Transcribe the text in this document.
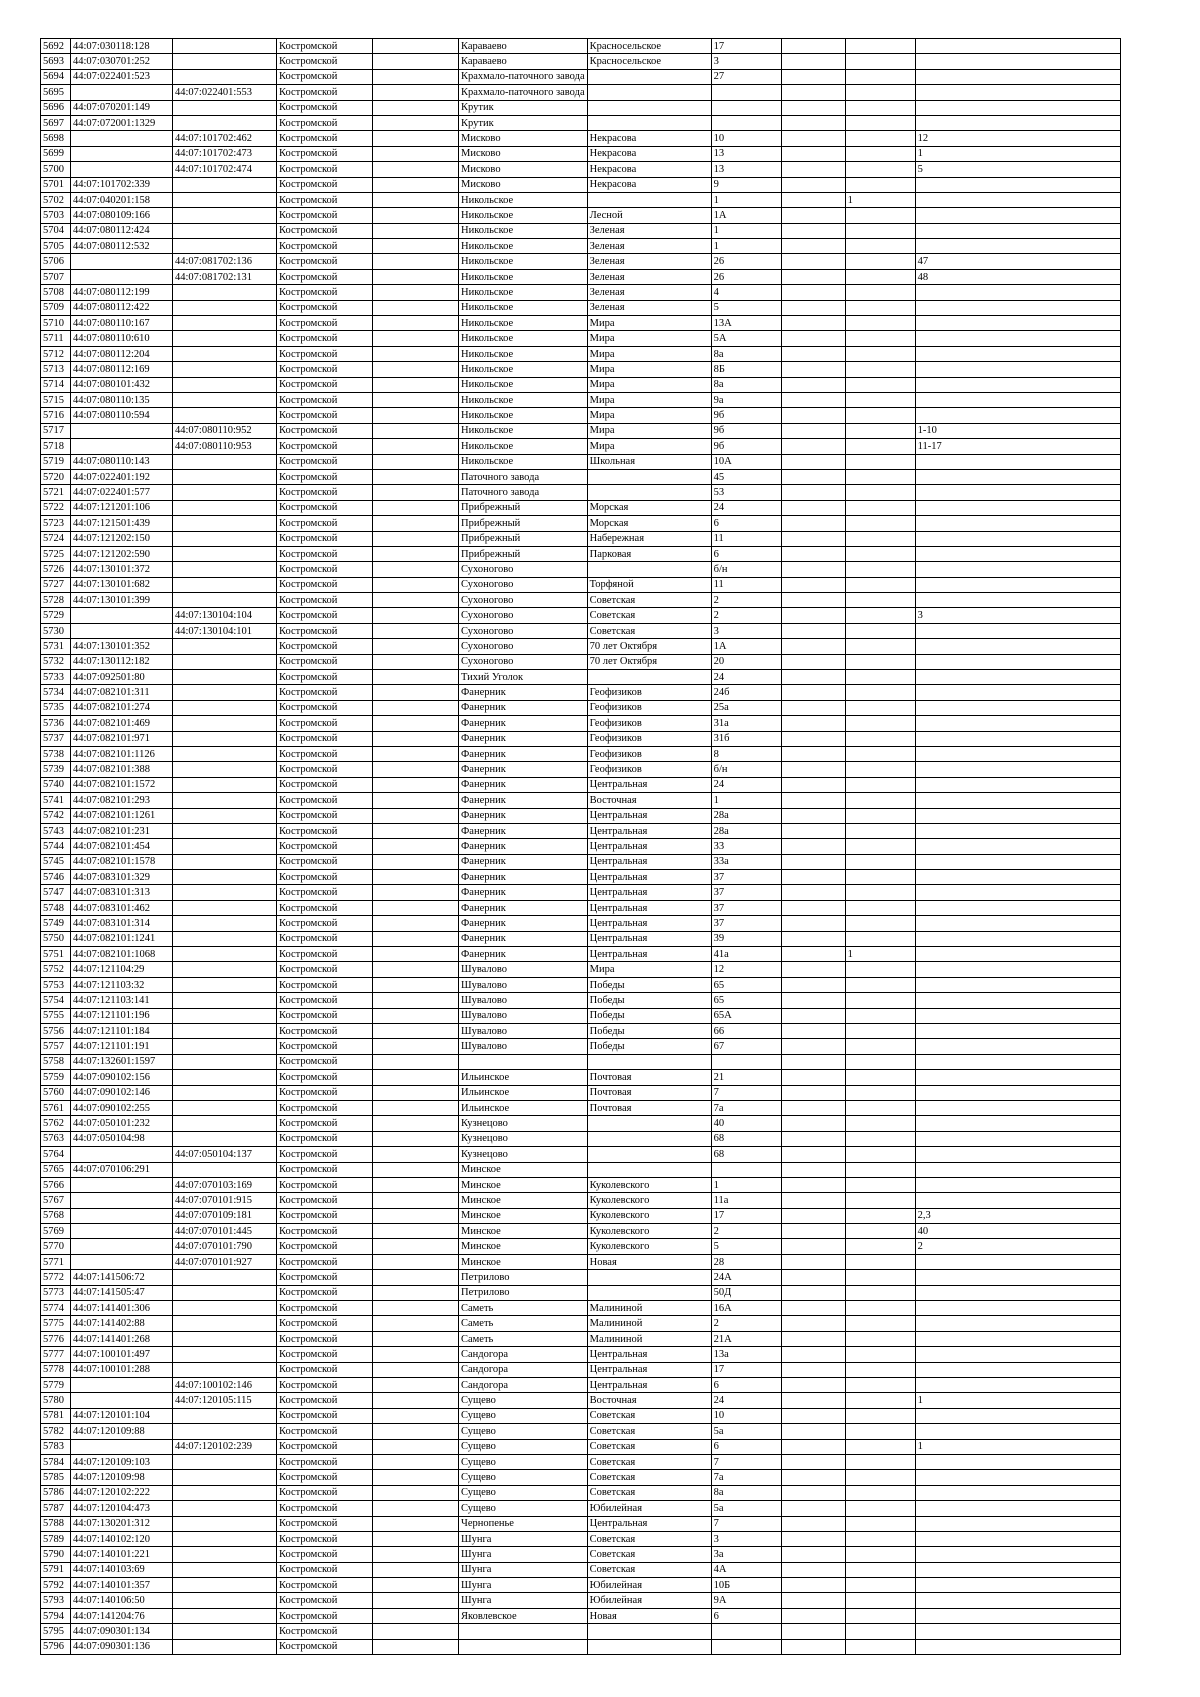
5692	44:07:030118:128		Костромской		Караваево	Красносельское	17			
5693	44:07:030701:252		Костромской		Караваево	Красносельское	3			
5694	44:07:022401:523		Костромской		Крахмало-паточного завода		27			
5695		44:07:022401:553	Костромской		Крахмало-паточного завода					
5696	44:07:070201:149		Костромской		Крутик					
5697	44:07:072001:1329		Костромской		Крутик					
5698		44:07:101702:462	Костромской		Мисково	Некрасова	10			12
5699		44:07:101702:473	Костромской		Мисково	Некрасова	13			1
5700		44:07:101702:474	Костромской		Мисково	Некрасова	13			5
5701	44:07:101702:339		Костромской		Мисково	Некрасова	9			
5702	44:07:040201:158		Костромской		Никольское		1		1	
5703	44:07:080109:166		Костромской		Никольское	Лесной	1А			
5704	44:07:080112:424		Костромской		Никольское	Зеленая	1			
5705	44:07:080112:532		Костромской		Никольское	Зеленая	1			
5706		44:07:081702:136	Костромской		Никольское	Зеленая	26			47
5707		44:07:081702:131	Костромской		Никольское	Зеленая	26			48
5708	44:07:080112:199		Костромской		Никольское	Зеленая	4			
5709	44:07:080112:422		Костромской		Никольское	Зеленая	5			
5710	44:07:080110:167		Костромской		Никольское	Мира	13А			
5711	44:07:080110:610		Костромской		Никольское	Мира	5А			
5712	44:07:080112:204		Костромской		Никольское	Мира	8а			
5713	44:07:080112:169		Костромской		Никольское	Мира	8Б			
5714	44:07:080101:432		Костромской		Никольское	Мира	8а			
5715	44:07:080110:135		Костромской		Никольское	Мира	9а			
5716	44:07:080110:594		Костромской		Никольское	Мира	9б			
5717		44:07:080110:952	Костромской		Никольское	Мира	9б			1-10
5718		44:07:080110:953	Костромской		Никольское	Мира	9б			11-17
5719	44:07:080110:143		Костромской		Никольское	Школьная	10А			
5720	44:07:022401:192		Костромской		Паточного завода		45			
5721	44:07:022401:577		Костромской		Паточного завода		53			
5722	44:07:121201:106		Костромской		Прибрежный	Морская	24			
5723	44:07:121501:439		Костромской		Прибрежный	Морская	6			
5724	44:07:121202:150		Костромской		Прибрежный	Набережная	11			
5725	44:07:121202:590		Костромской		Прибрежный	Парковая	6			
5726	44:07:130101:372		Костромской		Сухоногово		б/н			
5727	44:07:130101:682		Костромской		Сухоногово	Торфяной	11			
5728	44:07:130101:399		Костромской		Сухоногово	Советская	2			
5729		44:07:130104:104	Костромской		Сухоногово	Советская	2			3
5730		44:07:130104:101	Костромской		Сухоногово	Советская	3			
5731	44:07:130101:352		Костромской		Сухоногово	70 лет Октября	1А			
5732	44:07:130112:182		Костромской		Сухоногово	70 лет Октября	20			
5733	44:07:092501:80		Костромской		Тихий Уголок		24			
5734	44:07:082101:311		Костромской		Фанерник	Геофизиков	24б			
5735	44:07:082101:274		Костромской		Фанерник	Геофизиков	25а			
5736	44:07:082101:469		Костромской		Фанерник	Геофизиков	31а			
5737	44:07:082101:971		Костромской		Фанерник	Геофизиков	31б			
5738	44:07:082101:1126		Костромской		Фанерник	Геофизиков	8			
5739	44:07:082101:388		Костромской		Фанерник	Геофизиков	б/н			
5740	44:07:082101:1572		Костромской		Фанерник	Центральная	24			
5741	44:07:082101:293		Костромской		Фанерник	Восточная	1			
5742	44:07:082101:1261		Костромской		Фанерник	Центральная	28а			
5743	44:07:082101:231		Костромской		Фанерник	Центральная	28а			
5744	44:07:082101:454		Костромской		Фанерник	Центральная	33			
5745	44:07:082101:1578		Костромской		Фанерник	Центральная	33а			
5746	44:07:083101:329		Костромской		Фанерник	Центральная	37			
5747	44:07:083101:313		Костромской		Фанерник	Центральная	37			
5748	44:07:083101:462		Костромской		Фанерник	Центральная	37			
5749	44:07:083101:314		Костромской		Фанерник	Центральная	37			
5750	44:07:082101:1241		Костромской		Фанерник	Центральная	39			
5751	44:07:082101:1068		Костромской		Фанерник	Центральная	41а		1	
5752	44:07:121104:29		Костромской		Шувалово	Мира	12			
5753	44:07:121103:32		Костромской		Шувалово	Победы	65			
5754	44:07:121103:141		Костромской		Шувалово	Победы	65			
5755	44:07:121101:196		Костромской		Шувалово	Победы	65А			
5756	44:07:121101:184		Костромской		Шувалово	Победы	66			
5757	44:07:121101:191		Костромской		Шувалово	Победы	67			
5758	44:07:132601:1597		Костромской							
5759	44:07:090102:156		Костромской		Ильинское	Почтовая	21			
5760	44:07:090102:146		Костромской		Ильинское	Почтовая	7			
5761	44:07:090102:255		Костромской		Ильинское	Почтовая	7а			
5762	44:07:050101:232		Костромской		Кузнецово		40			
5763	44:07:050104:98		Костромской		Кузнецово		68			
5764		44:07:050104:137	Костромской		Кузнецово		68			
5765	44:07:070106:291		Костромской		Минское					
5766		44:07:070103:169	Костромской		Минское	Куколевского	1			
5767		44:07:070101:915	Костромской		Минское	Куколевского	11а			
5768		44:07:070109:181	Костромской		Минское	Куколевского	17			2,3
5769		44:07:070101:445	Костромской		Минское	Куколевского	2			40
5770		44:07:070101:790	Костромской		Минское	Куколевского	5			2
5771		44:07:070101:927	Костромской		Минское	Новая	28			
5772	44:07:141506:72		Костромской		Петрилово		24А			
5773	44:07:141505:47		Костромской		Петрилово		50Д			
5774	44:07:141401:306		Костромской		Саметь	Малининой	16А			
5775	44:07:141402:88		Костромской		Саметь	Малининой	2			
5776	44:07:141401:268		Костромской		Саметь	Малининой	21А			
5777	44:07:100101:497		Костромской		Сандогора	Центральная	13а			
5778	44:07:100101:288		Костромской		Сандогора	Центральная	17			
5779		44:07:100102:146	Костромской		Сандогора	Центральная	6			
5780		44:07:120105:115	Костромской		Сущево	Восточная	24			1
5781	44:07:120101:104		Костромской		Сущево	Советская	10			
5782	44:07:120109:88		Костромской		Сущево	Советская	5а			
5783		44:07:120102:239	Костромской		Сущево	Советская	6			1
5784	44:07:120109:103		Костромской		Сущево	Советская	7			
5785	44:07:120109:98		Костромской		Сущево	Советская	7а			
5786	44:07:120102:222		Костромской		Сущево	Советская	8а			
5787	44:07:120104:473		Костромской		Сущево	Юбилейная	5а			
5788	44:07:130201:312		Костромской		Чернопенье	Центральная	7			
5789	44:07:140102:120		Костромской		Шунга	Советская	3			
5790	44:07:140101:221		Костромской		Шунга	Советская	3а			
5791	44:07:140103:69		Костромской		Шунга	Советская	4А			
5792	44:07:140101:357		Костромской		Шунга	Юбилейная	10Б			
5793	44:07:140106:50		Костромской		Шунга	Юбилейная	9А			
5794	44:07:141204:76		Костромской		Яковлевское	Новая	6			
5795	44:07:090301:134		Костромской							
5796	44:07:090301:136		Костромской							
